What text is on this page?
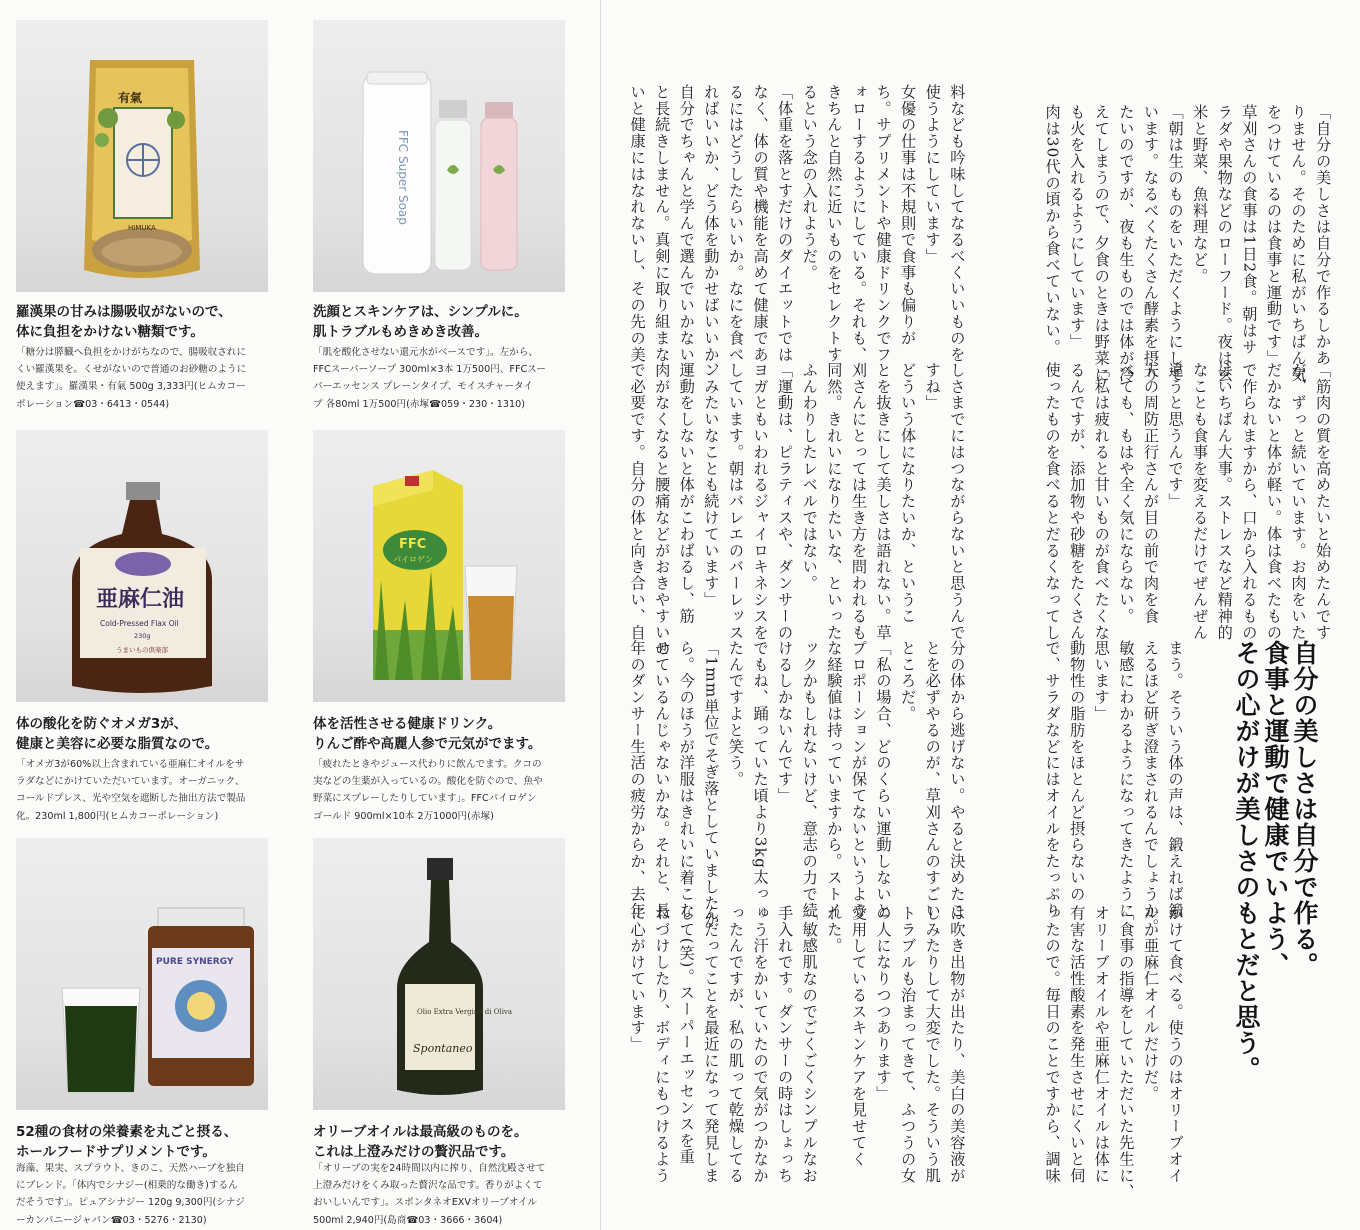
有氣
HIMUKA
FFC Super Soap
亜麻仁油
Cold-Pressed Flax Oil
230g
うまいもの倶楽部
FFC
パイロゲン
PURE SYNERGY
Olio Extra Vergine di Oliva
Spontaneo
羅漢果の甘みは腸吸収がないので、
体に負担をかけない糖類です。
「糖分は膵臓へ負担をかけがちなので、腸吸収されに
くい羅漢果を。くせがないので普通のお砂糖のように
使えます」。羅漢果・有氣 500g 3,333円(ヒムカコー
ポレーション☎03・6413・0544)
洗顔とスキンケアは、シンプルに。
肌トラブルもめきめき改善。
「肌を酸化させない還元水がベースです」。左から、
FFCスーパーソープ 300ml×3本 1万500円、FFCスー
パーエッセンス プレーンタイプ、モイスチャータイ
プ 各80ml 1万500円(赤塚☎059・230・1310)
体の酸化を防ぐオメガ3が、
健康と美容に必要な脂質なので。
「オメガ3が60%以上含まれている亜麻仁オイルをサ
ラダなどにかけていただいています。オーガニック、
コールドプレス、光や空気を遮断した抽出方法で製品
化。230ml 1,800円(ヒムカコーポレーション)
体を活性させる健康ドリンク。
りんご酢や高麗人参で元気がでます。
「疲れたときやジュース代わりに飲んでます。クコの
実などの生薬が入っているの。酸化を防ぐので、魚や
野菜にスプレーしたりしています」。FFCパイロゲン
ゴールド 900ml×10本 2万1000円(赤塚)
52種の食材の栄養素を丸ごと摂る、
ホールフードサプリメントです。
海藻、果実、スプラウト、きのこ、天然ハーブを独自
にブレンド。「体内でシナジー(相乗的な働き)するん
だそうです」。ピュアシナジー 120g 9,300円(シナジ
ーカンパニージャパン☎03・5276・2130)
オリーブオイルは最高級のものを。
これは上澄みだけの贅沢品です。
「オリーブの実を24時間以内に搾り、自然沈殿させて
上澄みだけをくみ取った贅沢な品です。香りがよくて
おいしいんです」。スポンタネオEXVオリーブオイル
500ml 2,940円(島商☎03・3666・3604)
「自分の美しさは自分で作るしかあ
りません。そのために私がいちばん気
をつけているのは食事と運動です」
草刈さんの食事は1日2食。朝はサ
ラダや果物などのローフード。夜は玄
米と野菜、魚料理など。
「朝は生のものをいただくようにして
います。なるべくたくさん酵素を摂り
たいのですが、夜も生ものでは体が冷
えてしまうので、夕食のときは野菜に
も火を入れるようにしています」
肉は30代の頃から食べていない。
料なども吟味してなるべくいいものを
使うようにしています」
女優の仕事は不規則で食事も偏りが
ち。サプリメントや健康ドリンクでフ
ォローするようにしている。それも、
きちんと自然に近いものをセレクトす
るという念の入れようだ。
「体重を落とすだけのダイエットでは
なく、体の質や機能を高めて健康であ
るにはどうしたらいいか。なにを食べ
ればいいか、どう体を動かせばいいか、
自分でちゃんと学んで選んでいかない
と長続きしません。真剣に取り組まな
いと健康にはなれないし、その先の美
「筋肉の質を高めたいと始めたんです
が、ずっと続いています。お肉をいた
だかないと体が軽い。体は食べたもの
で作られますから、口から入れるもの
はいちばん大事。ストレスなど精神的
なことも食事を変えるだけでぜんぜん
違うと思うんです」
夫の周防正行さんが目の前で肉を食
べても、もはや全く気にならない。
「私は疲れると甘いものが食べたくな
るんですが、添加物や砂糖をたくさん
使ったものを食べるとだるくなってし
しさまでにはつながらないと思うんで
すね」
どういう体になりたいか、というこ
とを抜きにして美しさは語れない。草
刈さんにとっては生き方を問われるも
同然。きれいになりたいな、といった
ふんわりしたレベルではない。
「運動は、ピラティスや、ダンサーの
ヨガともいわれるジャイロキネシスを
しています。朝はバレエのバーレッス
ンみたいなことも続けています」
運動をしないと体がこわばるし、筋
肉がなくなると腰痛などがおきやすいの
で必要です。自分の体と向き合い、自
まう。そういう体の声は、鍛えれば鍛
えるほど研ぎ澄まされるんでしょうか。
敏感にわかるようになってきたように
思います」
動物性の脂肪をほとんど摂らないの
で、サラダなどにはオイルをたっぷり
分の体から逃げない。やると決めたこ
とを必ずやるのが、草刈さんのすごい
ところだ。
「私の場合、どのくらい運動しないと
プロポーションが保てないというよう
な経験値は持っていますから。ストイ
ックかもしれないけど、意志の力で続
けるしかないんです」
でもね、踊っていた頃より3kg太っ
たんですよと笑う。
「1mm単位でそぎ落としていましたか
ら。今のほうが洋服はきれいに着こな
せているんじゃないかな。それと、長
年のダンサー生活の疲労からか、去年
かけて食べる。使うのはオリーブオイ
ルか亜麻仁オイルだけだ。
「食事の指導をしていただいた先生に、
オリーブオイルや亜麻仁オイルは体に
有害な活性酸素を発生させにくいと伺
ったので。毎日のことですから、調味
は吹き出物が出たり、美白の美容液が
しみたりして大変でした。そういう肌
トラブルも治まってきて、ふつうの女
の人になりつつあります」
愛用しているスキンケアを見せてく
れた。
「敏感肌なのでごくごくシンプルなお
手入れです。ダンサーの時はしょっち
ゅう汗をかいていたので気がつかなか
ったんですが、私の肌って乾燥してる
んだってことを最近になって発見しま
して(笑)。スーパーエッセンスを重
ねづけしたり、ボディにもつけるよう
に心がけています」
自分の美しさは自分で作る。
食事と運動で健康でいよう、
その心がけが美しさのもとだと思う。
